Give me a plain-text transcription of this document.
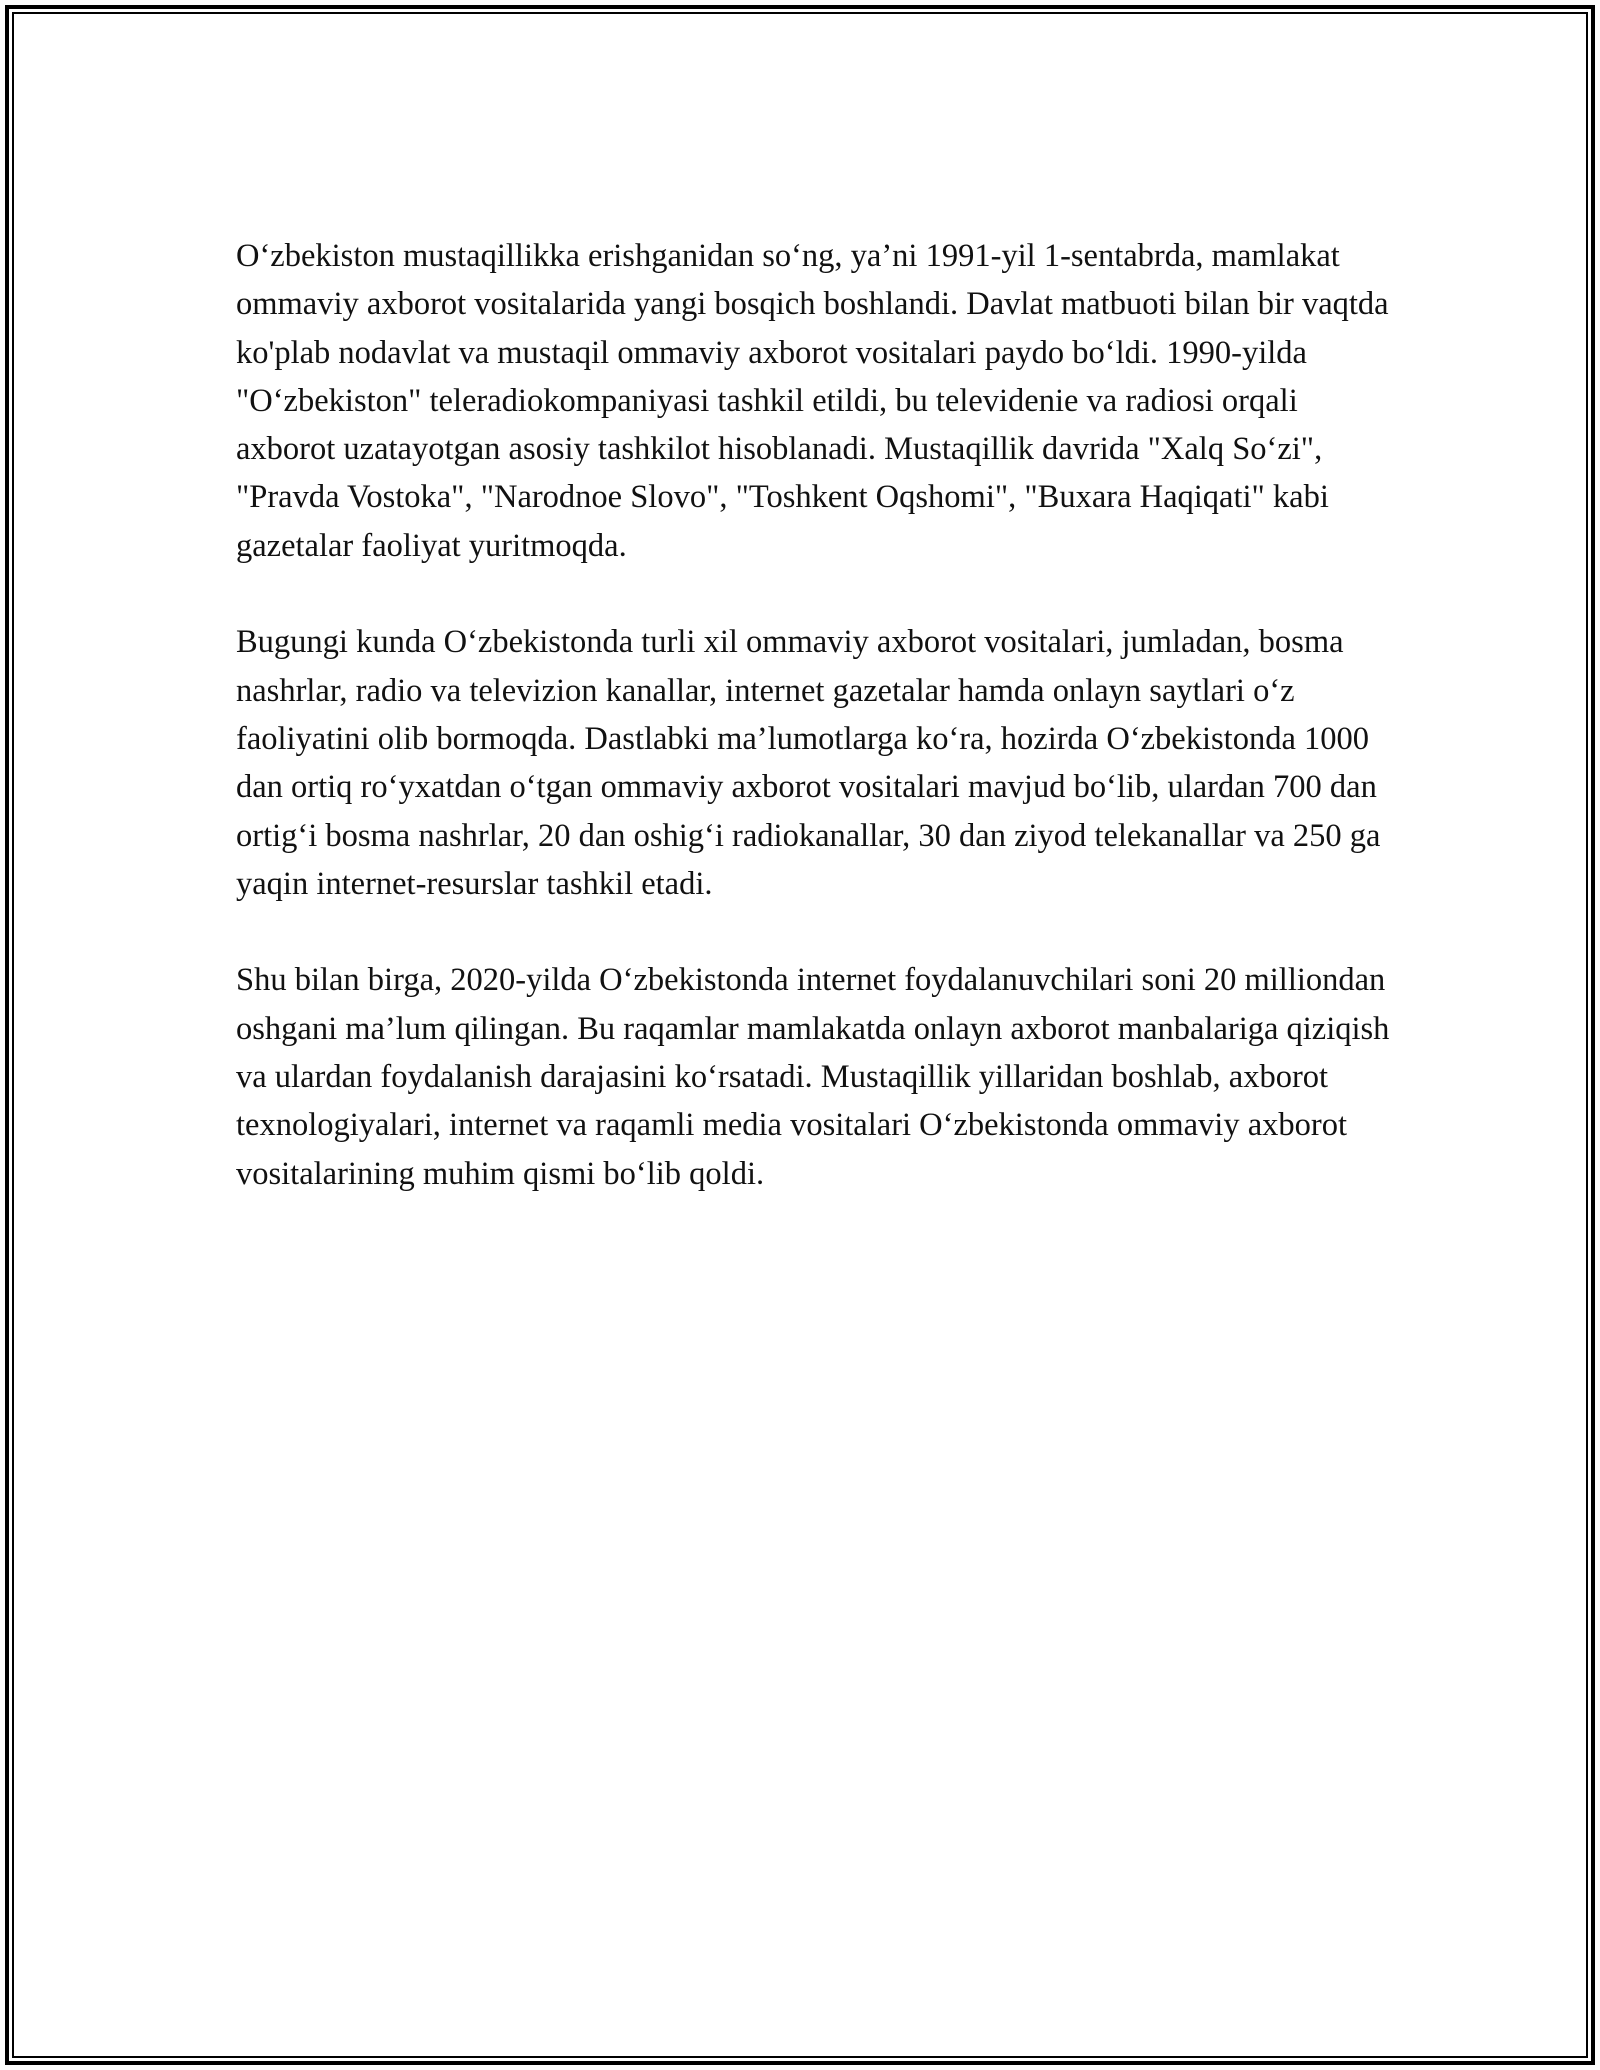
O‘zbekiston mustaqillikka erishganidan so‘ng, ya’ni 1991-yil 1-sentabrda, mamlakat ommaviy axborot vositalarida yangi bosqich boshlandi. Davlat matbuoti bilan bir vaqtda ko'plab nodavlat va mustaqil ommaviy axborot vositalari paydo bo‘ldi. 1990-yilda "O‘zbekiston" teleradiokompaniyasi tashkil etildi, bu televidenie va radiosi orqali axborot uzatayotgan asosiy tashkilot hisoblanadi. Mustaqillik davrida "Xalq So‘zi", "Pravda Vostoka", "Narodnoe Slovo", "Toshkent Oqshomi", "Buxara Haqiqati" kabi gazetalar faoliyat yuritmoqda.

Bugungi kunda O‘zbekistonda turli xil ommaviy axborot vositalari, jumladan, bosma nashrlar, radio va televizion kanallar, internet gazetalar hamda onlayn saytlari o‘z faoliyatini olib bormoqda. Dastlabki ma’lumotlarga ko‘ra, hozirda O‘zbekistonda 1000 dan ortiq ro‘yxatdan o‘tgan ommaviy axborot vositalari mavjud bo‘lib, ulardan 700 dan ortig‘i bosma nashrlar, 20 dan oshig‘i radiokanallar, 30 dan ziyod telekanallar va 250 ga yaqin internet-resurslar tashkil etadi.

Shu bilan birga, 2020-yilda O‘zbekistonda internet foydalanuvchilari soni 20 milliondan oshgani ma’lum qilingan. Bu raqamlar mamlakatda onlayn axborot manbalariga qiziqish va ulardan foydalanish darajasini ko‘rsatadi. Mustaqillik yillaridan boshlab, axborot texnologiyalari, internet va raqamli media vositalari O‘zbekistonda ommaviy axborot vositalarining muhim qismi bo‘lib qoldi.
